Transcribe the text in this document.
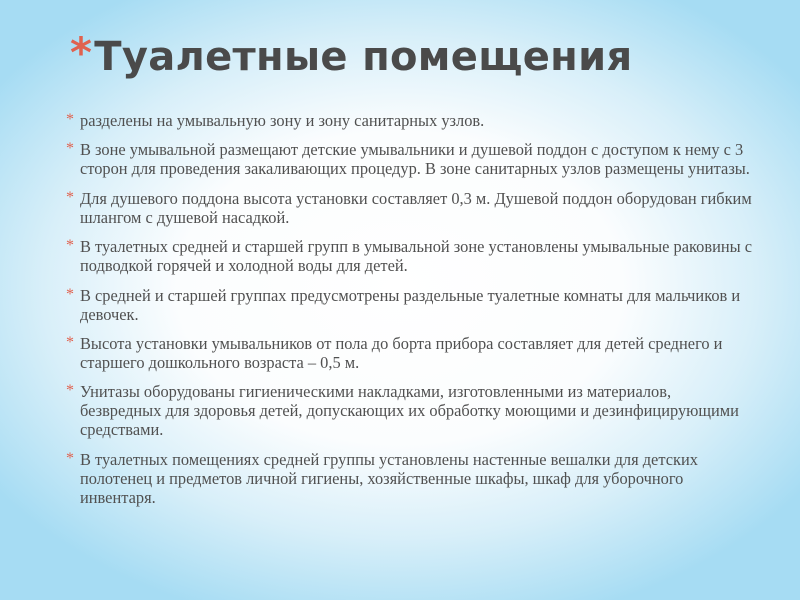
* Туалетные помещения
* разделены на умывальную зону и зону санитарных узлов.
* В зоне умывальной размещают детские умывальники и душевой поддон с доступом к нему с 3 сторон для проведения закаливающих процедур. В зоне санитарных узлов размещены унитазы.
* Для душевого поддона высота установки составляет 0,3 м. Душевой поддон оборудован гибким шлангом с душевой насадкой.
* В туалетных средней и старшей групп в умывальной зоне установлены умывальные раковины с подводкой горячей и холодной воды для детей.
* В средней и старшей группах предусмотрены раздельные туалетные комнаты для мальчиков и девочек.
* Высота установки умывальников от пола до борта прибора составляет для детей среднего и старшего дошкольного возраста – 0,5 м.
* Унитазы оборудованы гигиеническими накладками, изготовленными из материалов, безвредных для здоровья детей, допускающих их обработку моющими и дезинфицирующими средствами.
* В туалетных помещениях средней группы установлены настенные вешалки для детских полотенец и предметов личной гигиены, хозяйственные шкафы, шкаф для уборочного инвентаря.
